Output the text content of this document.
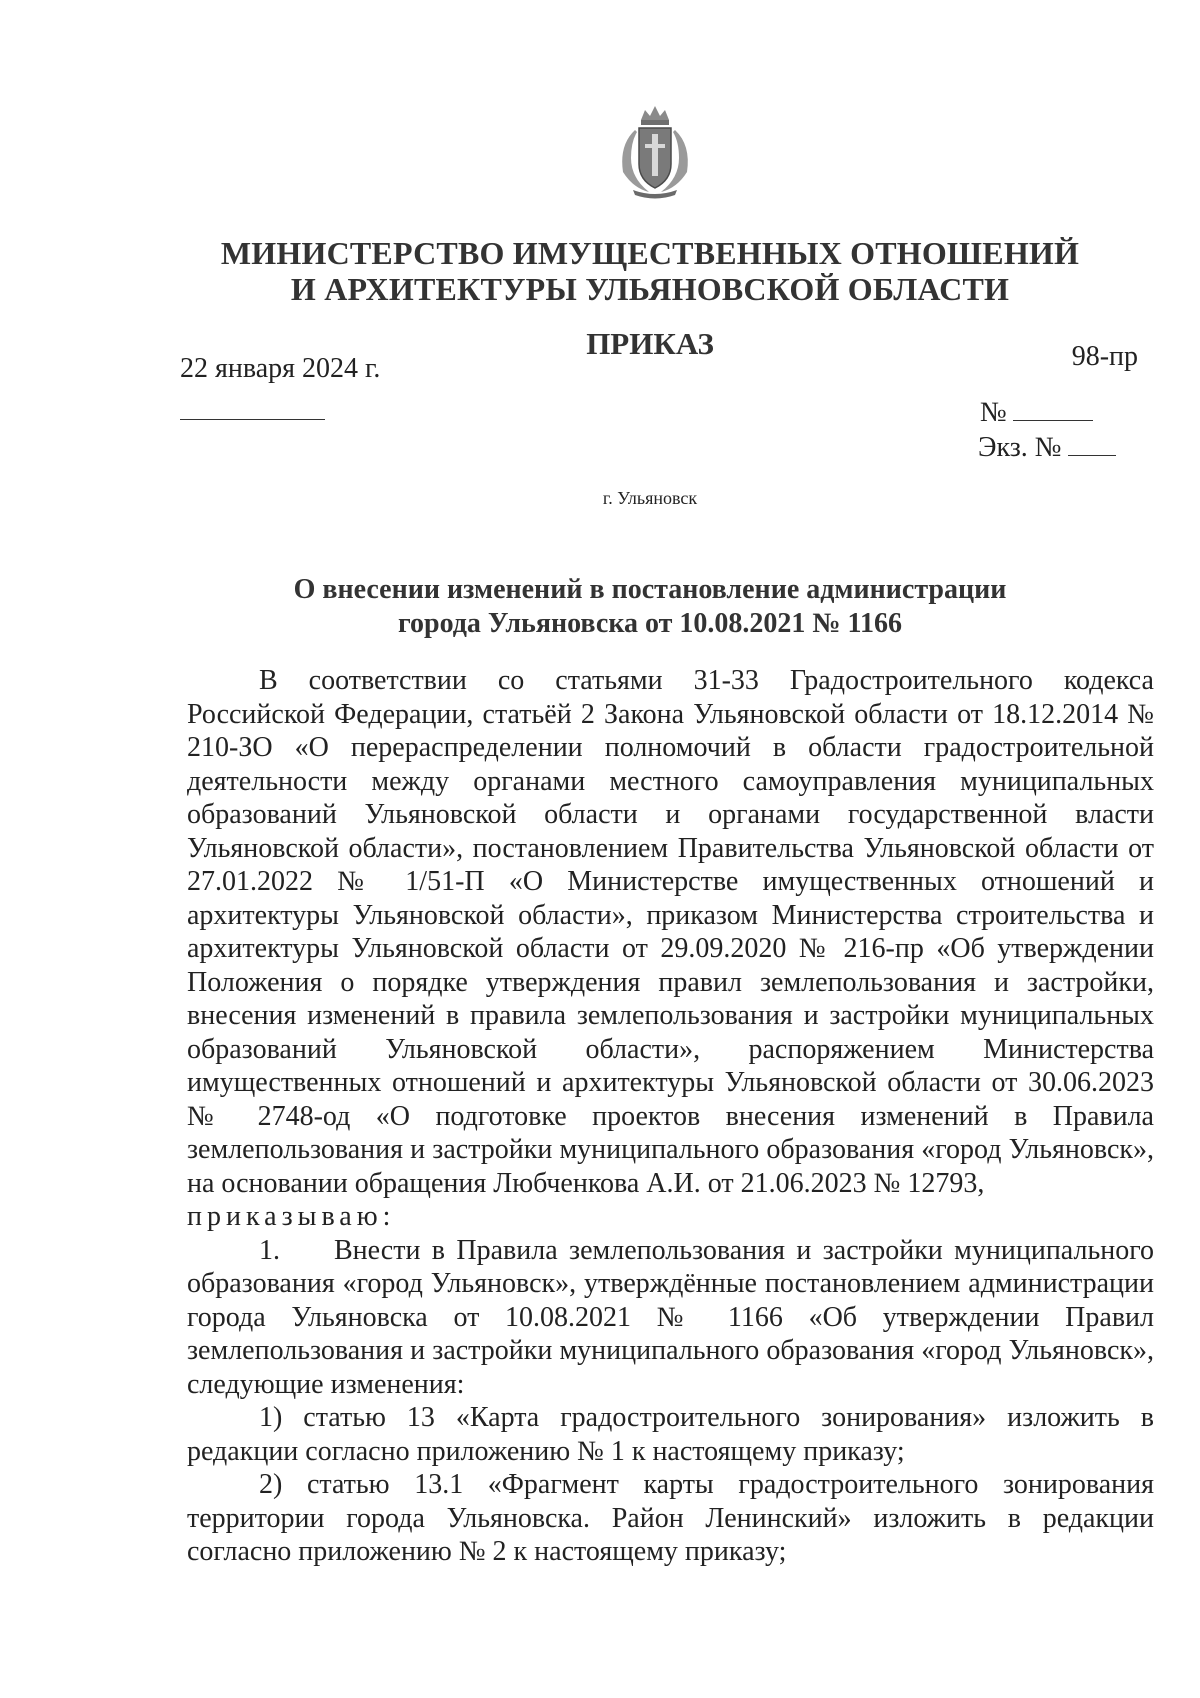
МИНИСТЕРСТВО ИМУЩЕСТВЕННЫХ ОТНОШЕНИЙ
И АРХИТЕКТУРЫ УЛЬЯНОВСКОЙ ОБЛАСТИ
ПРИКАЗ
22 января 2024 г.	98-пр
№
Экз. №
г. Ульяновск
О внесении изменений в постановление администрации
города Ульяновска от 10.08.2021 № 1166

В соответствии со статьями 31-33 Градостроительного кодекса Российской Федерации, статьёй 2 Закона Ульяновской области от 18.12.2014 № 210-ЗО «О перераспределении полномочий в области градостроительной деятельности между органами местного самоуправления муниципальных образований Ульяновской области и органами государственной власти Ульяновской области», постановлением Правительства Ульяновской области от 27.01.2022 № 1/51-П «О Министерстве имущественных отношений и архитектуры Ульяновской области», приказом Министерства строительства и архитектуры Ульяновской области от 29.09.2020 № 216-пр «Об утверждении Положения о порядке утверждения правил землепользования и застройки, внесения изменений в правила землепользования и застройки муниципальных образований Ульяновской области», распоряжением Министерства имущественных отношений и архитектуры Ульяновской области от 30.06.2023 № 2748-од «О подготовке проектов внесения изменений в Правила землепользования и застройки муниципального образования «город Ульяновск», на основании обращения Любченкова А.И. от 21.06.2023 № 12793,

приказываю:

1. Внести в Правила землепользования и застройки муниципального образования «город Ульяновск», утверждённые постановлением администрации города Ульяновска от 10.08.2021 № 1166 «Об утверждении Правил землепользования и застройки муниципального образования «город Ульяновск», следующие изменения:

1) статью 13 «Карта градостроительного зонирования» изложить в редакции согласно приложению № 1 к настоящему приказу;

2) статью 13.1 «Фрагмент карты градостроительного зонирования территории города Ульяновска. Район Ленинский» изложить в редакции согласно приложению № 2 к настоящему приказу;
